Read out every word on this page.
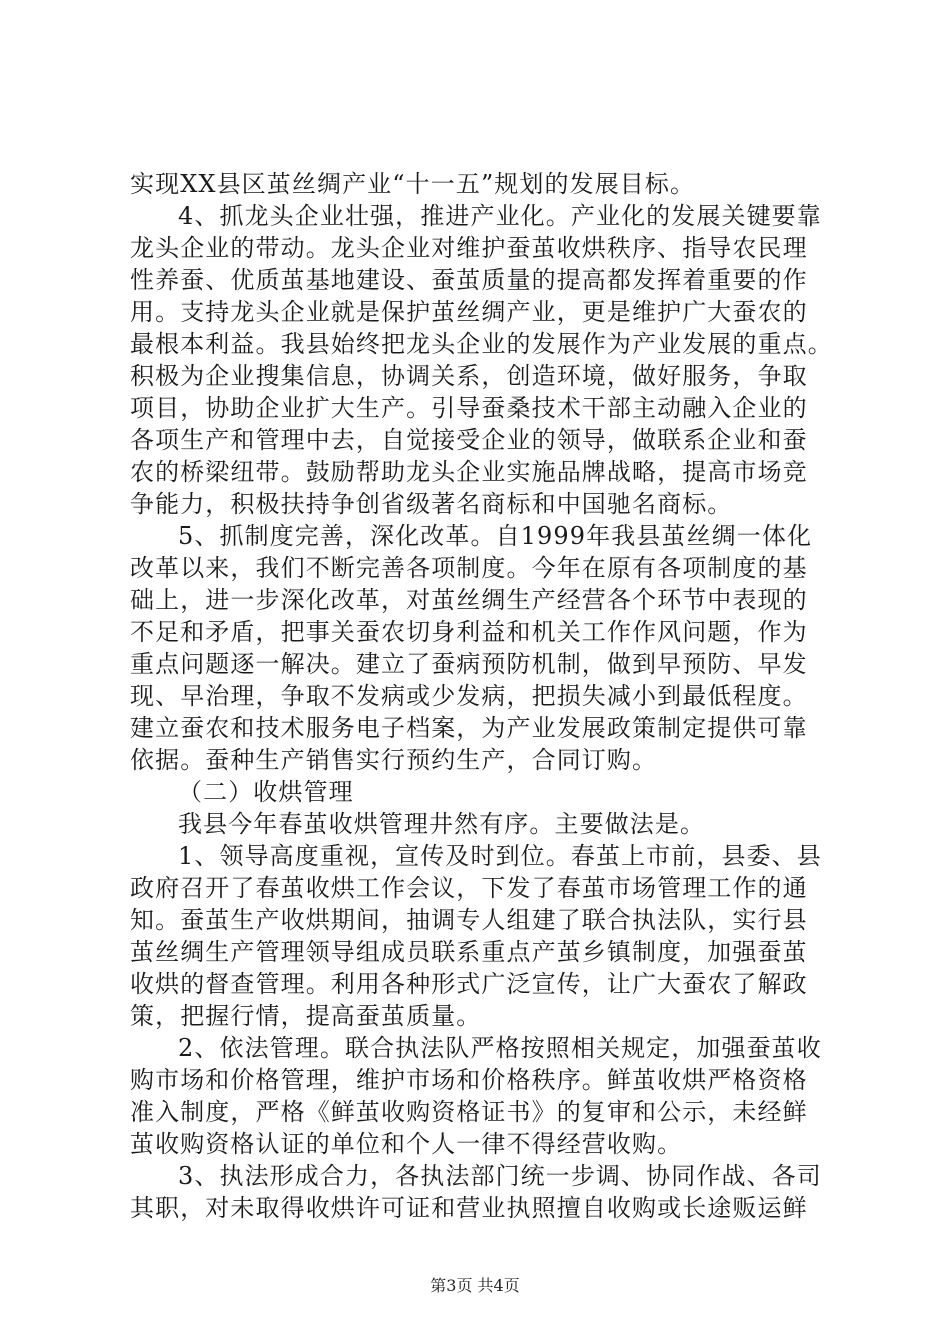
实现XX县区茧丝绸产业“十一五”规划的发展目标。
4、抓龙头企业壮强，推进产业化。产业化的发展关键要靠
龙头企业的带动。龙头企业对维护蚕茧收烘秩序、指导农民理
性养蚕、优质茧基地建设、蚕茧质量的提高都发挥着重要的作
用。支持龙头企业就是保护茧丝绸产业，更是维护广大蚕农的
最根本利益。我县始终把龙头企业的发展作为产业发展的重点。
积极为企业搜集信息，协调关系，创造环境，做好服务，争取
项目，协助企业扩大生产。引导蚕桑技术干部主动融入企业的
各项生产和管理中去，自觉接受企业的领导，做联系企业和蚕
农的桥梁纽带。鼓励帮助龙头企业实施品牌战略，提高市场竞
争能力，积极扶持争创省级著名商标和中国驰名商标。
5、抓制度完善，深化改革。自1999年我县茧丝绸一体化
改革以来，我们不断完善各项制度。今年在原有各项制度的基
础上，进一步深化改革，对茧丝绸生产经营各个环节中表现的
不足和矛盾，把事关蚕农切身利益和机关工作作风问题，作为
重点问题逐一解决。建立了蚕病预防机制，做到早预防、早发
现、早治理，争取不发病或少发病，把损失减小到最低程度。
建立蚕农和技术服务电子档案，为产业发展政策制定提供可靠
依据。蚕种生产销售实行预约生产，合同订购。
（二）收烘管理
我县今年春茧收烘管理井然有序。主要做法是。
1、领导高度重视，宣传及时到位。春茧上市前，县委、县
政府召开了春茧收烘工作会议，下发了春茧市场管理工作的通
知。蚕茧生产收烘期间，抽调专人组建了联合执法队，实行县
茧丝绸生产管理领导组成员联系重点产茧乡镇制度，加强蚕茧
收烘的督查管理。利用各种形式广泛宣传，让广大蚕农了解政
策，把握行情，提高蚕茧质量。
2、依法管理。联合执法队严格按照相关规定，加强蚕茧收
购市场和价格管理，维护市场和价格秩序。鲜茧收烘严格资格
准入制度，严格《鲜茧收购资格证书》的复审和公示，未经鲜
茧收购资格认证的单位和个人一律不得经营收购。
3、执法形成合力，各执法部门统一步调、协同作战、各司
其职，对未取得收烘许可证和营业执照擅自收购或长途贩运鲜
第3页 共4页
